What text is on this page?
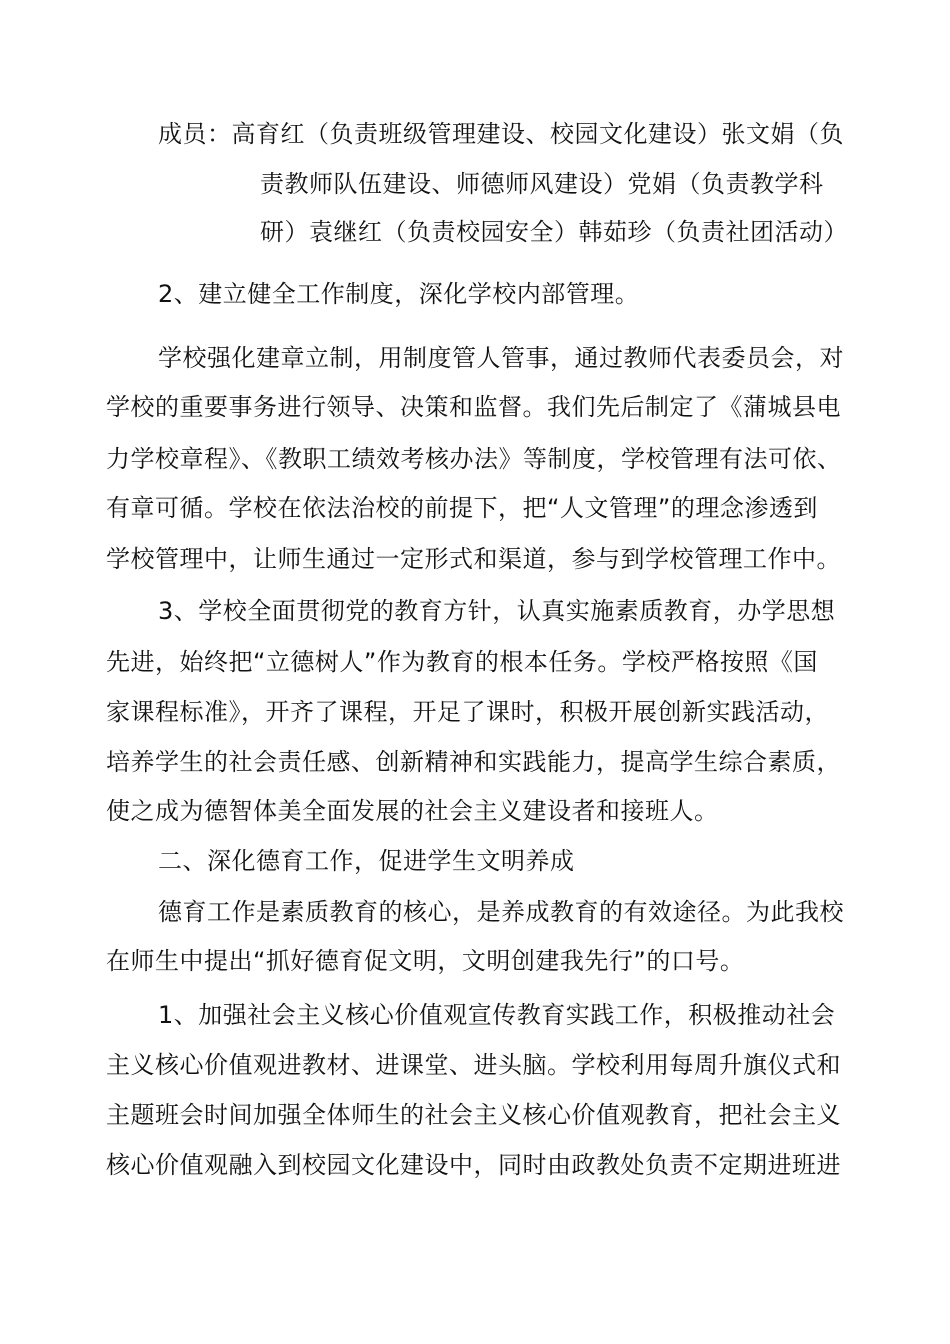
成员：高育红（负责班级管理建设、校园文化建设）张文娟（负
责教师队伍建设、师德师风建设）党娟（负责教学科
研）袁继红（负责校园安全）韩茹珍（负责社团活动）
2、建立健全工作制度，深化学校内部管理。
学校强化建章立制，用制度管人管事，通过教师代表委员会，对
学校的重要事务进行领导、决策和监督。我们先后制定了《蒲城县电
力学校章程》、《教职工绩效考核办法》等制度，学校管理有法可依、
有章可循。学校在依法治校的前提下，把“人文管理”的理念渗透到
学校管理中，让师生通过一定形式和渠道，参与到学校管理工作中。
3、学校全面贯彻党的教育方针，认真实施素质教育，办学思想
先进，始终把“立德树人”作为教育的根本任务。学校严格按照《国
家课程标准》，开齐了课程，开足了课时，积极开展创新实践活动，
培养学生的社会责任感、创新精神和实践能力，提高学生综合素质，
使之成为德智体美全面发展的社会主义建设者和接班人。
二、深化德育工作，促进学生文明养成
德育工作是素质教育的核心，是养成教育的有效途径。为此我校
在师生中提出“抓好德育促文明，文明创建我先行”的口号。
1、加强社会主义核心价值观宣传教育实践工作，积极推动社会
主义核心价值观进教材、进课堂、进头脑。学校利用每周升旗仪式和
主题班会时间加强全体师生的社会主义核心价值观教育，把社会主义
核心价值观融入到校园文化建设中，同时由政教处负责不定期进班进
